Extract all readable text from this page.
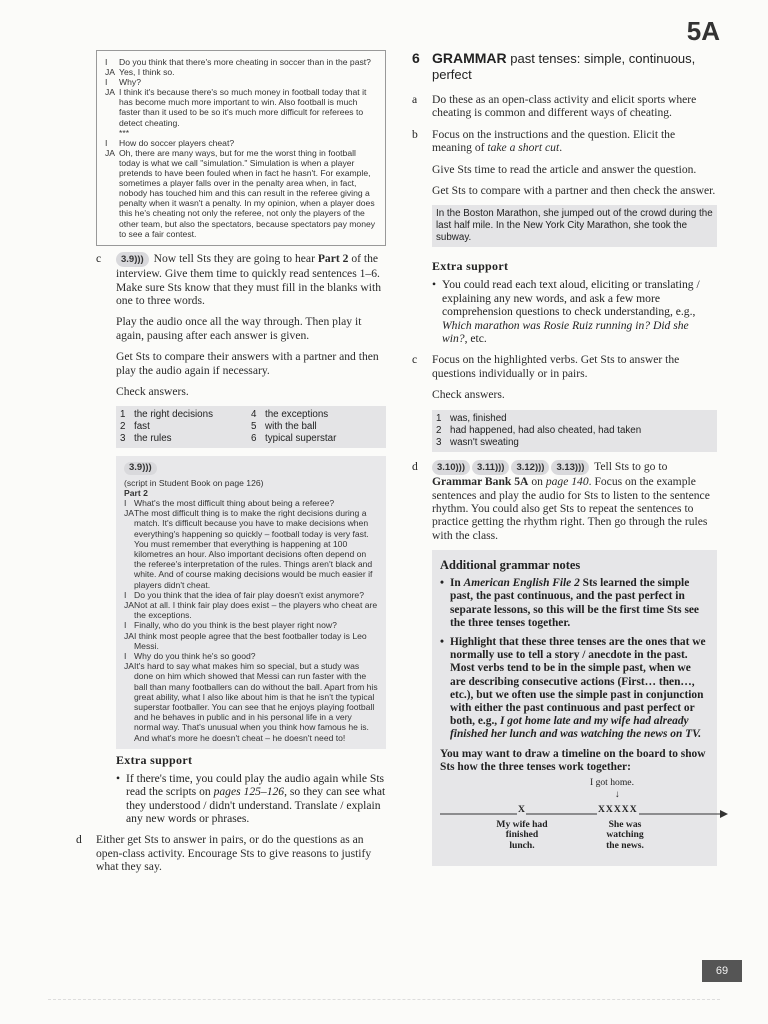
5A
I	Do you think that there's more cheating in soccer than in the past?
JA Yes, I think so.
I	Why?
JA I think it's because there's so much money in football today that it has become much more important to win. Also football is much faster than it used to be so it's much more difficult for referees to detect cheating.
***
I	How do soccer players cheat?
JA Oh, there are many ways, but for me the worst thing in football today is what we call "simulation." Simulation is when a player pretends to have been fouled when in fact he hasn't. For example, sometimes a player falls over in the penalty area when, in fact, nobody has touched him and this can result in the referee giving a penalty when it wasn't a penalty. In my opinion, when a player does this he's cheating not only the referee, not only the players of the other team, but also the spectators, because spectators pay money to see a fair contest.
c	3.9))) Now tell Sts they are going to hear Part 2 of the interview. Give them time to quickly read sentences 1–6. Make sure Sts know that they must fill in the blanks with one to three words.

Play the audio once all the way through. Then play it again, pausing after each answer is given.

Get Sts to compare their answers with a partner and then play the audio again if necessary.

Check answers.

1 the right decisions	4 the exceptions
2 fast	5 with the ball
3 the rules	6 typical superstar
3.9)))
(script in Student Book on page 126)
Part 2
I What's the most difficult thing about being a referee?
JA The most difficult thing is to make the right decisions during a match. It's difficult because you have to make decisions when everything's happening so quickly – football today is very fast. You must remember that everything is happening at 100 kilometres an hour. Also important decisions often depend on the referee's interpretation of the rules. Things aren't black and white. And of course making decisions would be much easier if players didn't cheat.
I Do you think that the idea of fair play doesn't exist anymore?
JA Not at all. I think fair play does exist – the players who cheat are the exceptions.
I Finally, who do you think is the best player right now?
JA I think most people agree that the best footballer today is Leo Messi.
I Why do you think he's so good?
JA It's hard to say what makes him so special, but a study was done on him which showed that Messi can run faster with the ball than many footballers can do without the ball. Apart from his great ability, what I also like about him is that he isn't the typical superstar footballer. You can see that he enjoys playing football and he behaves in public and in his personal life in a very normal way. That's unusual when you think how famous he is. And what's more he doesn't cheat – he doesn't need to!
Extra support
• If there's time, you could play the audio again while Sts read the scripts on pages 125–126, so they can see what they understood / didn't understand. Translate / explain any new words or phrases.
d	Either get Sts to answer in pairs, or do the questions as an open-class activity. Encourage Sts to give reasons to justify what they say.

6 GRAMMAR past tenses: simple, continuous, perfect
a	Do these as an open-class activity and elicit sports where cheating is common and different ways of cheating.

b	Focus on the instructions and the question. Elicit the meaning of take a short cut.

Give Sts time to read the article and answer the question.

Get Sts to compare with a partner and then check the answer.

In the Boston Marathon, she jumped out of the crowd during the last half mile. In the New York City Marathon, she took the subway.
Extra support
• You could read each text aloud, eliciting or translating / explaining any new words, and ask a few more comprehension questions to check understanding, e.g., Which marathon was Rosie Ruiz running in? Did she win?, etc.
c	Focus on the highlighted verbs. Get Sts to answer the questions individually or in pairs.

Check answers.

1 was, finished
2 had happened, had also cheated, had taken
3 wasn't sweating
d	3.10))) 3.11))) 3.12))) 3.13))) Tell Sts to go to Grammar Bank 5A on page 140. Focus on the example sentences and play the audio for Sts to listen to the sentence rhythm. You could also get Sts to repeat the sentences to practice getting the rhythm right. Then go through the rules with the class.

Additional grammar notes
• In American English File 2 Sts learned the simple past, the past continuous, and the past perfect in separate lessons, so this will be the first time Sts see the three tenses together.
• Highlight that these three tenses are the ones that we normally use to tell a story / anecdote in the past. Most verbs tend to be in the simple past, when we are describing consecutive actions (First… then…, etc.), but we often use the simple past in conjunction with either the past continuous and past perfect or both, e.g., I got home late and my wife had already finished her lunch and was watching the news on TV.
You may want to draw a timeline on the board to show Sts how the three tenses work together:
I got home.
↓
X	XXXXX
My wife had
finished
lunch.
She was
watching
the news.
69
